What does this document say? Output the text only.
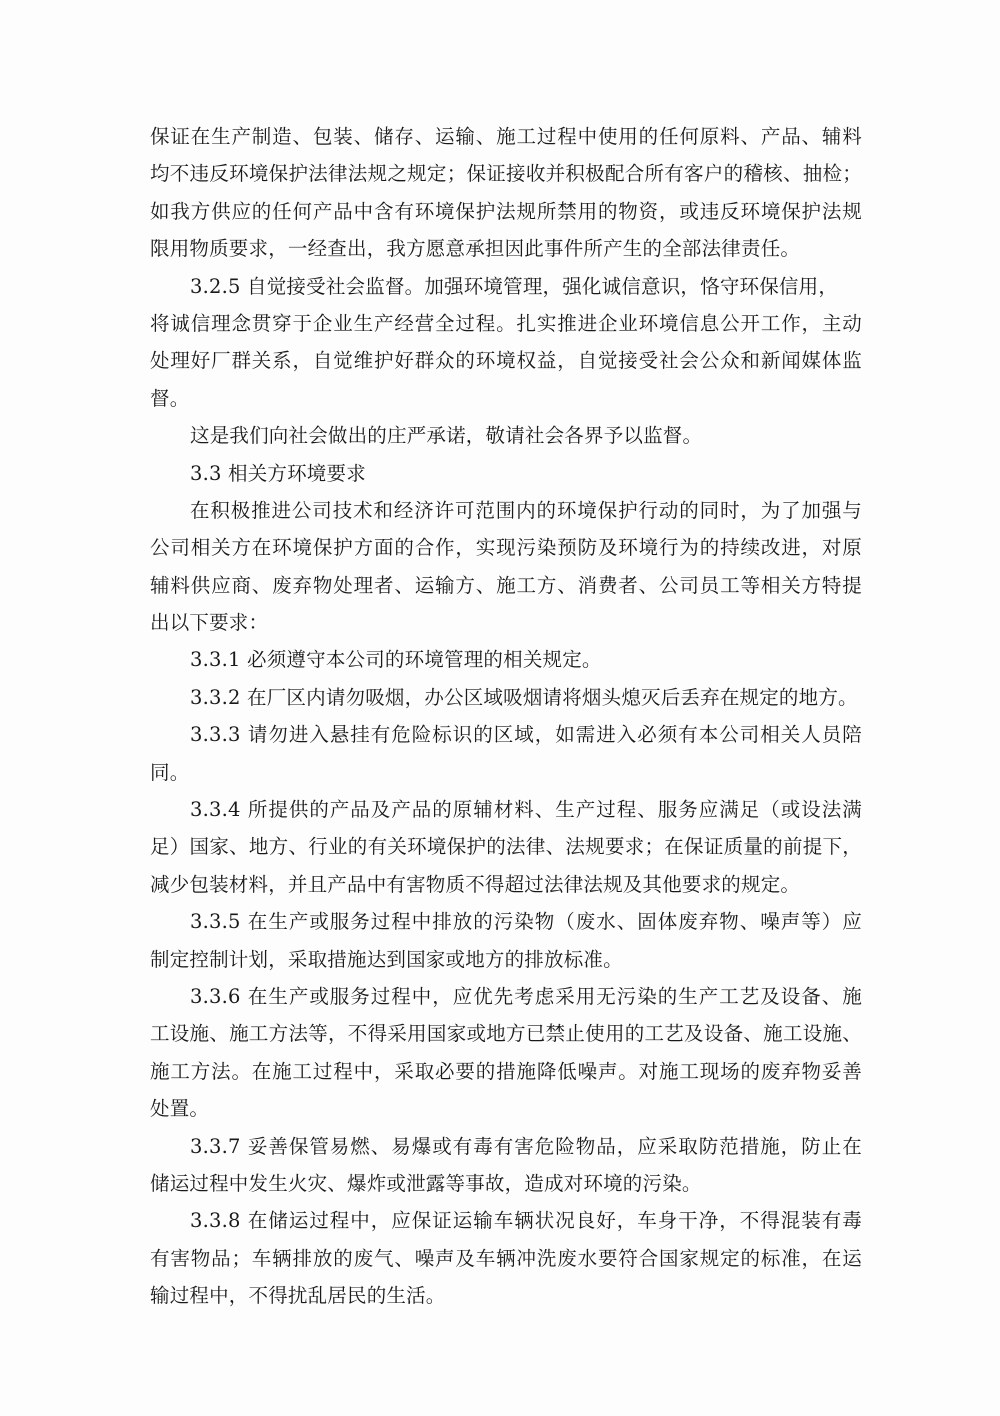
保证在生产制造、包装、储存、运输、施工过程中使用的任何原料、产品、辅料
均不违反环境保护法律法规之规定；保证接收并积极配合所有客户的稽核、抽检；
如我方供应的任何产品中含有环境保护法规所禁用的物资，或违反环境保护法规
限用物质要求，一经查出，我方愿意承担因此事件所产生的全部法律责任。
3.2.5 自觉接受社会监督。加强环境管理，强化诚信意识，恪守环保信用，
将诚信理念贯穿于企业生产经营全过程。扎实推进企业环境信息公开工作，主动
处理好厂群关系，自觉维护好群众的环境权益，自觉接受社会公众和新闻媒体监
督。
这是我们向社会做出的庄严承诺，敬请社会各界予以监督。
3.3 相关方环境要求
在积极推进公司技术和经济许可范围内的环境保护行动的同时，为了加强与
公司相关方在环境保护方面的合作，实现污染预防及环境行为的持续改进，对原
辅料供应商、废弃物处理者、运输方、施工方、消费者、公司员工等相关方特提
出以下要求：
3.3.1 必须遵守本公司的环境管理的相关规定。
3.3.2 在厂区内请勿吸烟，办公区域吸烟请将烟头熄灭后丢弃在规定的地方。
3.3.3 请勿进入悬挂有危险标识的区域，如需进入必须有本公司相关人员陪
同。
3.3.4 所提供的产品及产品的原辅材料、生产过程、服务应满足（或设法满
足）国家、地方、行业的有关环境保护的法律、法规要求；在保证质量的前提下，
减少包装材料，并且产品中有害物质不得超过法律法规及其他要求的规定。
3.3.5 在生产或服务过程中排放的污染物（废水、固体废弃物、噪声等）应
制定控制计划，采取措施达到国家或地方的排放标准。
3.3.6 在生产或服务过程中，应优先考虑采用无污染的生产工艺及设备、施
工设施、施工方法等，不得采用国家或地方已禁止使用的工艺及设备、施工设施、
施工方法。在施工过程中，采取必要的措施降低噪声。对施工现场的废弃物妥善
处置。
3.3.7 妥善保管易燃、易爆或有毒有害危险物品，应采取防范措施，防止在
储运过程中发生火灾、爆炸或泄露等事故，造成对环境的污染。
3.3.8 在储运过程中，应保证运输车辆状况良好，车身干净，不得混装有毒
有害物品；车辆排放的废气、噪声及车辆冲洗废水要符合国家规定的标准，在运
输过程中，不得扰乱居民的生活。
